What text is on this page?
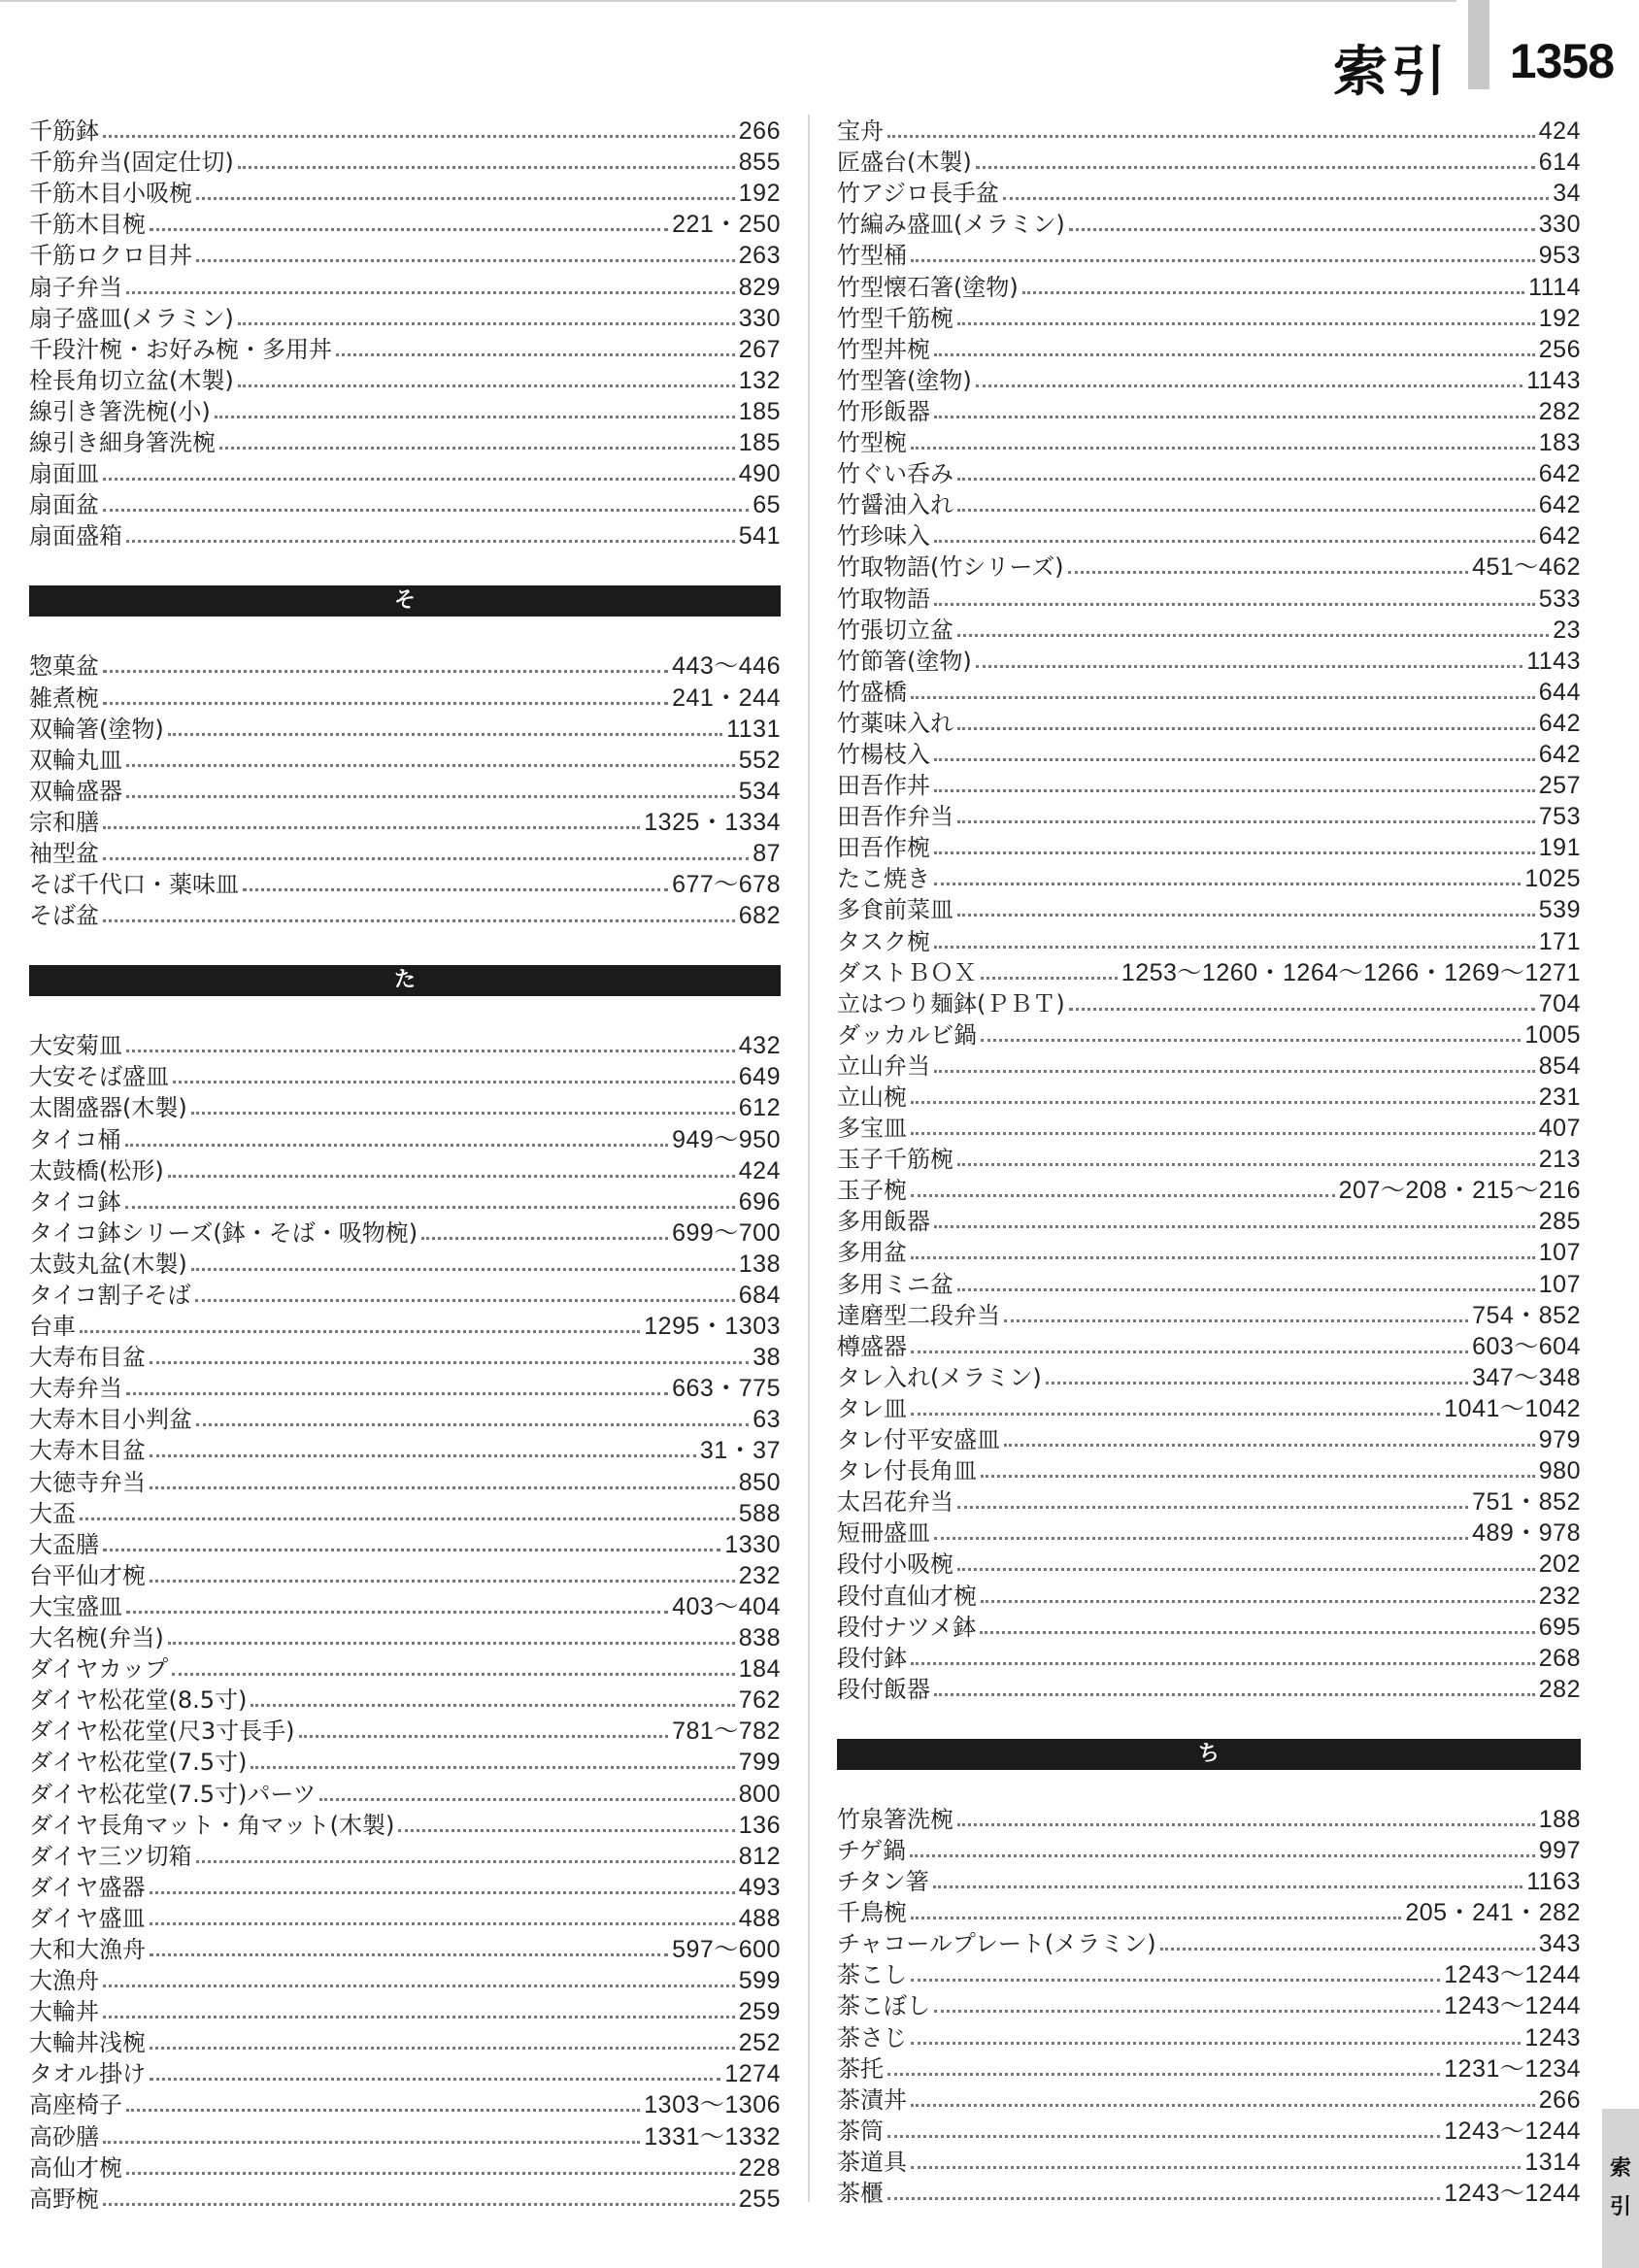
索引 1358
千筋鉢	266
千筋弁当(固定仕切)	855
千筋木目小吸椀	192
千筋木目椀	221・250
千筋ロクロ目丼	263
扇子弁当	829
扇子盛皿(メラミン)	330
千段汁椀・お好み椀・多用丼	267
栓長角切立盆(木製)	132
線引き箸洗椀(小)	185
線引き細身箸洗椀	185
扇面皿	490
扇面盆	65
扇面盛箱	541
そ
惣菓盆	443〜446
雑煮椀	241・244
双輪箸(塗物)	1131
双輪丸皿	552
双輪盛器	534
宗和膳	1325・1334
袖型盆	87
そば千代口・薬味皿	677〜678
そば盆	682
た
大安菊皿	432
大安そば盛皿	649
太閤盛器(木製)	612
タイコ桶	949〜950
太鼓橋(松形)	424
タイコ鉢	696
タイコ鉢シリーズ(鉢・そば・吸物椀)	699〜700
太鼓丸盆(木製)	138
タイコ割子そば	684
台車	1295・1303
大寿布目盆	38
大寿弁当	663・775
大寿木目小判盆	63
大寿木目盆	31・37
大徳寺弁当	850
大盃	588
大盃膳	1330
台平仙才椀	232
大宝盛皿	403〜404
大名椀(弁当)	838
ダイヤカップ	184
ダイヤ松花堂(8.5寸)	762
ダイヤ松花堂(尺3寸長手)	781〜782
ダイヤ松花堂(7.5寸)	799
ダイヤ松花堂(7.5寸)パーツ	800
ダイヤ長角マット・角マット(木製)	136
ダイヤ三ツ切箱	812
ダイヤ盛器	493
ダイヤ盛皿	488
大和大漁舟	597〜600
大漁舟	599
大輪丼	259
大輪丼浅椀	252
タオル掛け	1274
高座椅子	1303〜1306
高砂膳	1331〜1332
高仙才椀	228
高野椀	255
宝舟	424
匠盛台(木製)	614
竹アジロ長手盆	34
竹編み盛皿(メラミン)	330
竹型桶	953
竹型懐石箸(塗物)	1114
竹型千筋椀	192
竹型丼椀	256
竹型箸(塗物)	1143
竹形飯器	282
竹型椀	183
竹ぐい呑み	642
竹醤油入れ	642
竹珍味入	642
竹取物語(竹シリーズ)	451〜462
竹取物語	533
竹張切立盆	23
竹節箸(塗物)	1143
竹盛橋	644
竹薬味入れ	642
竹楊枝入	642
田吾作丼	257
田吾作弁当	753
田吾作椀	191
たこ焼き	1025
多食前菜皿	539
タスク椀	171
ダストＢＯＸ	1253〜1260・1264〜1266・1269〜1271
立はつり麺鉢(ＰＢＴ)	704
ダッカルビ鍋	1005
立山弁当	854
立山椀	231
多宝皿	407
玉子千筋椀	213
玉子椀	207〜208・215〜216
多用飯器	285
多用盆	107
多用ミニ盆	107
達磨型二段弁当	754・852
樽盛器	603〜604
タレ入れ(メラミン)	347〜348
タレ皿	1041〜1042
タレ付平安盛皿	979
タレ付長角皿	980
太呂花弁当	751・852
短冊盛皿	489・978
段付小吸椀	202
段付直仙才椀	232
段付ナツメ鉢	695
段付鉢	268
段付飯器	282
ち
竹泉箸洗椀	188
チゲ鍋	997
チタン箸	1163
千鳥椀	205・241・282
チャコールプレート(メラミン)	343
茶こし	1243〜1244
茶こぼし	1243〜1244
茶さじ	1243
茶托	1231〜1234
茶漬丼	266
茶筒	1243〜1244
茶道具	1314
茶櫃	1243〜1244
索
引
